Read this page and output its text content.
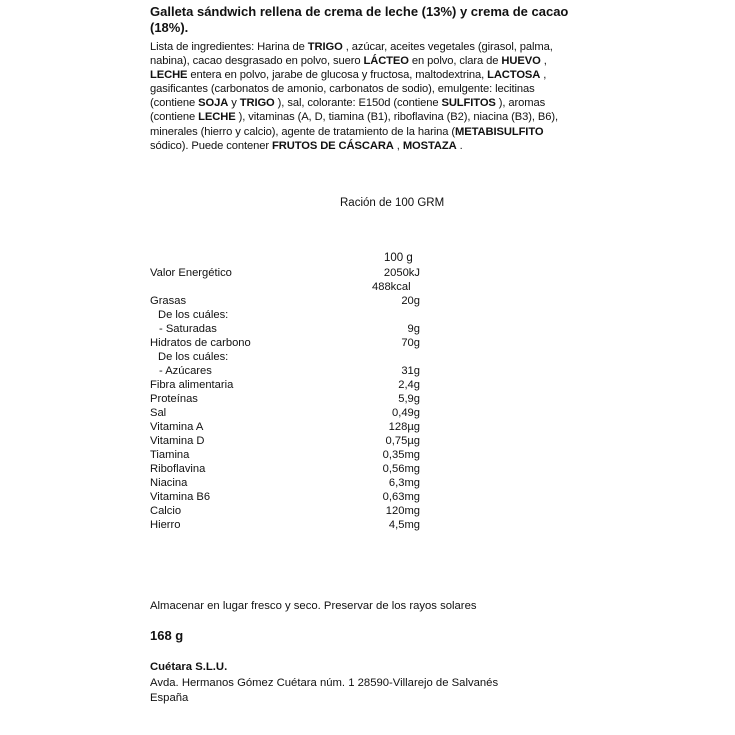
Galleta sándwich rellena de crema de leche (13%) y crema de cacao (18%).

Lista de ingredientes: Harina de TRIGO , azúcar, aceites vegetales (girasol, palma, nabina), cacao desgrasado en polvo, suero LÁCTEO en polvo, clara de HUEVO , LECHE entera en polvo, jarabe de glucosa y fructosa, maltodextrina, LACTOSA , gasificantes (carbonatos de amonio, carbonatos de sodio), emulgente: lecitinas (contiene SOJA y TRIGO ), sal, colorante: E150d (contiene SULFITOS ), aromas (contiene LECHE ), vitaminas (A, D, tiamina (B1), riboflavina (B2), niacina (B3), B6), minerales (hierro y calcio), agente de tratamiento de la harina (METABISULFITO sódico). Puede contener FRUTOS DE CÁSCARA , MOSTAZA .

Ración de 100 GRM
100 g
Valor Energético	2050kJ
488kcal
Grasas	20g
De los cuáles:
- Saturadas	9g
Hidratos de carbono	70g
De los cuáles:
- Azúcares	31g
Fibra alimentaria	2,4g
Proteínas	5,9g
Sal	0,49g
Vitamina A	128µg
Vitamina D	0,75µg
Tiamina	0,35mg
Riboflavina	0,56mg
Niacina	6,3mg
Vitamina B6	0,63mg
Calcio	120mg
Hierro	4,5mg
Almacenar en lugar fresco y seco. Preservar de los rayos solares
168 g
Cuétara S.L.U.
Avda. Hermanos Gómez Cuétara núm. 1 28590-Villarejo de Salvanés
España
